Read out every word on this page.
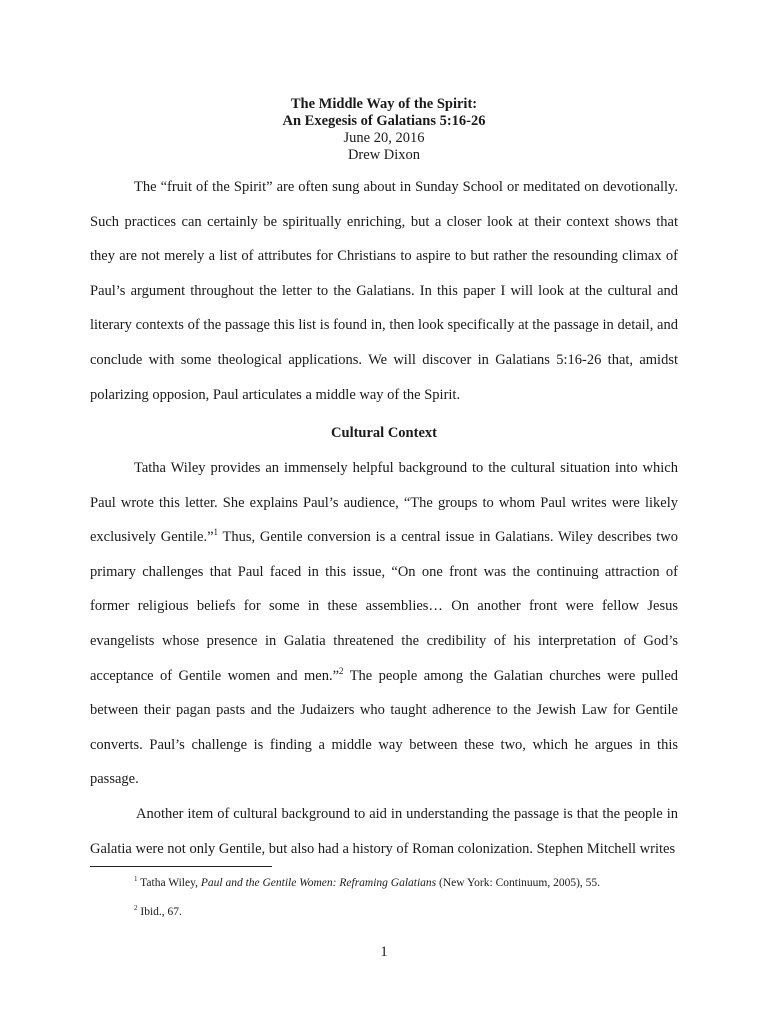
The Middle Way of the Spirit:
An Exegesis of Galatians 5:16-26
June 20, 2016
Drew Dixon

The “fruit of the Spirit” are often sung about in Sunday School or meditated on devotionally. Such practices can certainly be spiritually enriching, but a closer look at their context shows that they are not merely a list of attributes for Christians to aspire to but rather the resounding climax of Paul’s argument throughout the letter to the Galatians. In this paper I will look at the cultural and literary contexts of the passage this list is found in, then look specifically at the passage in detail, and conclude with some theological applications. We will discover in Galatians 5:16-26 that, amidst polarizing opposion, Paul articulates a middle way of the Spirit.

Cultural Context

Tatha Wiley provides an immensely helpful background to the cultural situation into which Paul wrote this letter. She explains Paul’s audience, “The groups to whom Paul writes were likely exclusively Gentile.”$^1$ Thus, Gentile conversion is a central issue in Galatians. Wiley describes two primary challenges that Paul faced in this issue, “On one front was the continuing attraction of former religious beliefs for some in these assemblies… On another front were fellow Jesus evangelists whose presence in Galatia threatened the credibility of his interpretation of God’s acceptance of Gentile women and men.”$^2$ The people among the Galatian churches were pulled between their pagan pasts and the Judaizers who taught adherence to the Jewish Law for Gentile converts. Paul’s challenge is finding a middle way between these two, which he argues in this passage.

Another item of cultural background to aid in understanding the passage is that the people in Galatia were not only Gentile, but also had a history of Roman colonization. Stephen Mitchell writes

$^1$ Tatha Wiley, Paul and the Gentile Women: Reframing Galatians (New York: Continuum, 2005), 55.
$^2$ Ibid., 67.
1
